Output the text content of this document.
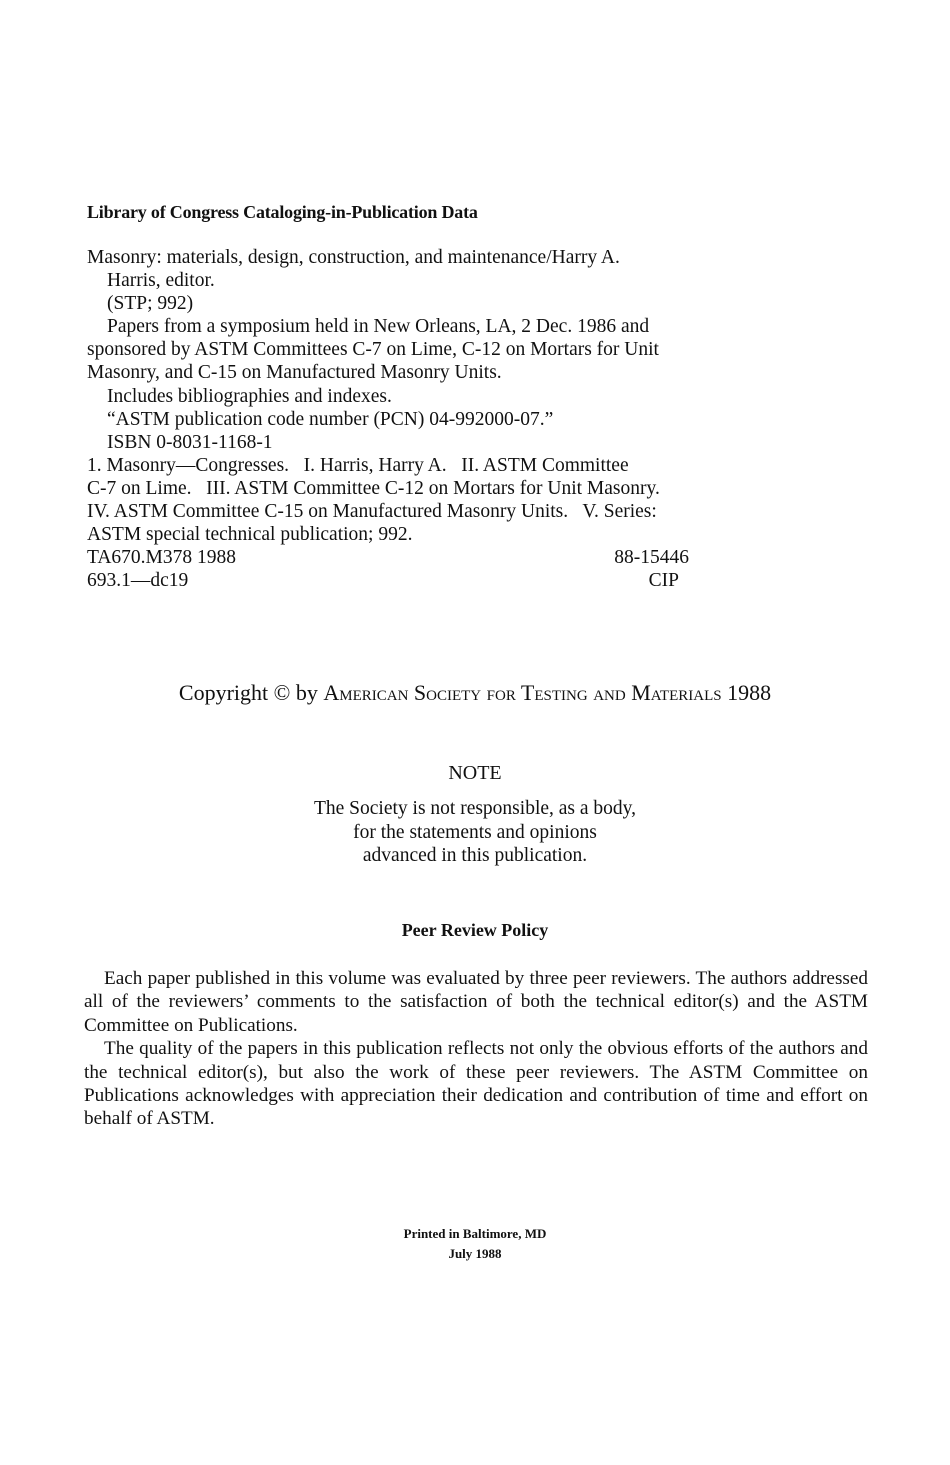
Library of Congress Cataloging-in-Publication Data
Masonry: materials, design, construction, and maintenance/Harry A.
Harris, editor.
(STP; 992)
Papers from a symposium held in New Orleans, LA, 2 Dec. 1986 and
sponsored by ASTM Committees C-7 on Lime, C-12 on Mortars for Unit
Masonry, and C-15 on Manufactured Masonry Units.
Includes bibliographies and indexes.
“ASTM publication code number (PCN) 04-992000-07.”
ISBN 0-8031-1168-1
1. Masonry—Congresses.   I. Harris, Harry A.   II. ASTM Committee
C-7 on Lime.   III. ASTM Committee C-12 on Mortars for Unit Masonry.
IV. ASTM Committee C-15 on Manufactured Masonry Units.   V. Series:
ASTM special technical publication; 992.
TA670.M378 1988	88-15446
693.1—dc19	CIP
Copyright © by American Society for Testing and Materials 1988
NOTE
The Society is not responsible, as a body,
for the statements and opinions
advanced in this publication.
Peer Review Policy

Each paper published in this volume was evaluated by three peer reviewers. The authors addressed all of the reviewers’ comments to the satisfaction of both the technical editor(s) and the ASTM Committee on Publications.

The quality of the papers in this publication reflects not only the obvious efforts of the authors and the technical editor(s), but also the work of these peer reviewers. The ASTM Committee on Publications acknowledges with appreciation their dedication and contribution of time and effort on behalf of ASTM.

Printed in Baltimore, MD
July 1988
